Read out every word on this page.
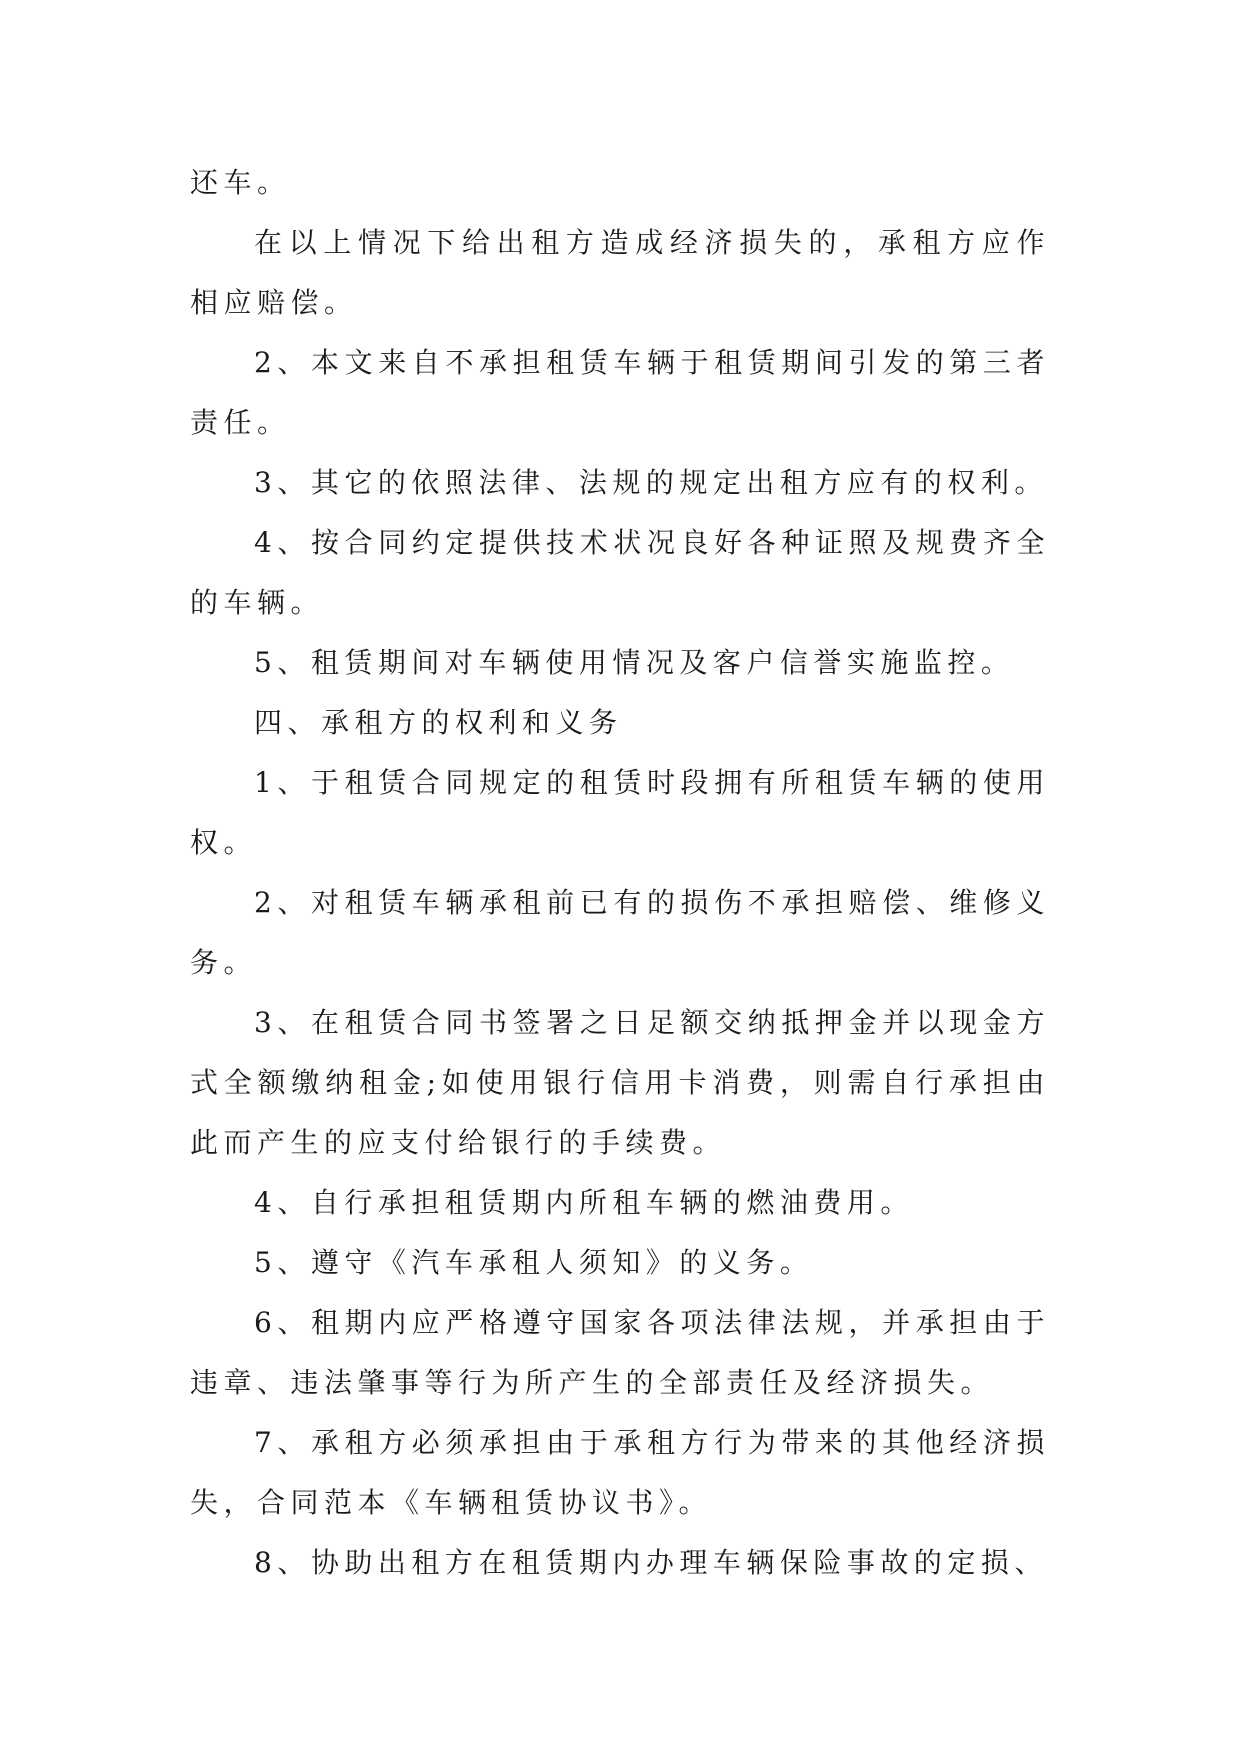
还车。

在以上情况下给出租方造成经济损失的，承租方应作相应赔偿。

2、本文来自不承担租赁车辆于租赁期间引发的第三者责任。

3、其它的依照法律、法规的规定出租方应有的权利。

4、按合同约定提供技术状况良好各种证照及规费齐全的车辆。

5、租赁期间对车辆使用情况及客户信誉实施监控。

四、承租方的权利和义务

1、于租赁合同规定的租赁时段拥有所租赁车辆的使用权。

2、对租赁车辆承租前已有的损伤不承担赔偿、维修义务。

3、在租赁合同书签署之日足额交纳抵押金并以现金方式全额缴纳租金;如使用银行信用卡消费，则需自行承担由此而产生的应支付给银行的手续费。

4、自行承担租赁期内所租车辆的燃油费用。

5、遵守《汽车承租人须知》的义务。

6、租期内应严格遵守国家各项法律法规，并承担由于违章、违法肇事等行为所产生的全部责任及经济损失。

7、承租方必须承担由于承租方行为带来的其他经济损失，合同范本《车辆租赁协议书》。

8、协助出租方在租赁期内办理车辆保险事故的定损、
